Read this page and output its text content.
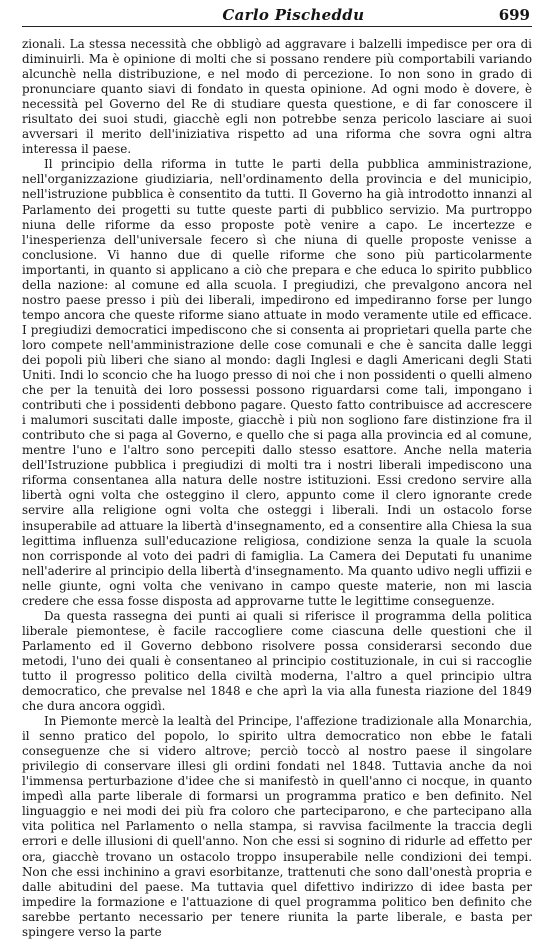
Carlo Pischeddu	699

zionali. La stessa necessità che obbligò ad aggravare i balzelli impedisce per ora di diminuirli. Ma è opinione di molti che si possano rendere più comportabili variando alcunchè nella distribuzione, e nel modo di percezione. Io non sono in grado di pronunciare quanto siavi di fondato in questa opinione. Ad ogni modo è dovere, è necessità pel Governo del Re di studiare questa questione, e di far conoscere il risultato dei suoi studi, giacchè egli non potrebbe senza pericolo lasciare ai suoi avversari il merito dell'iniziativa rispetto ad una riforma che sovra ogni altra interessa il paese.

Il principio della riforma in tutte le parti della pubblica amministrazione, nell'organizzazione giudiziaria, nell'ordinamento della provincia e del municipio, nell'istruzione pubblica è consentito da tutti. Il Governo ha già introdotto innanzi al Parlamento dei progetti su tutte queste parti di pubblico servizio. Ma purtroppo niuna delle riforme da esso proposte potè venire a capo. Le incertezze e l'inesperienza dell'universale fecero sì che niuna di quelle proposte venisse a conclusione. Vi hanno due di quelle riforme che sono più particolarmente importanti, in quanto si applicano a ciò che prepara e che educa lo spirito pubblico della nazione: al comune ed alla scuola. I pregiudizi, che prevalgono ancora nel nostro paese presso i più dei liberali, impedirono ed impediranno forse per lungo tempo ancora che queste riforme siano attuate in modo veramente utile ed efficace. I pregiudizi democratici impediscono che si consenta ai proprietari quella parte che loro compete nell'amministrazione delle cose comunali e che è sancita dalle leggi dei popoli più liberi che siano al mondo: dagli Inglesi e dagli Americani degli Stati Uniti. Indi lo sconcio che ha luogo presso di noi che i non possidenti o quelli almeno che per la tenuità dei loro possessi possono riguardarsi come tali, impongano i contributi che i possidenti debbono pagare. Questo fatto contribuisce ad accrescere i malumori suscitati dalle imposte, giacchè i più non sogliono fare distinzione fra il contributo che si paga al Governo, e quello che si paga alla provincia ed al comune, mentre l'uno e l'altro sono percepiti dallo stesso esattore. Anche nella materia dell'Istruzione pubblica i pregiudizi di molti tra i nostri liberali impediscono una riforma consentanea alla natura delle nostre istituzioni. Essi credono servire alla libertà ogni volta che osteggino il clero, appunto come il clero ignorante crede servire alla religione ogni volta che osteggi i liberali. Indi un ostacolo forse insuperabile ad attuare la libertà d'insegnamento, ed a consentire alla Chiesa la sua legittima influenza sull'educazione religiosa, condizione senza la quale la scuola non corrisponde al voto dei padri di famiglia. La Camera dei Deputati fu unanime nell'aderire al principio della libertà d'insegnamento. Ma quanto udivo negli uffizii e nelle giunte, ogni volta che venivano in campo queste materie, non mi lascia credere che essa fosse disposta ad approvarne tutte le legittime conseguenze.

Da questa rassegna dei punti ai quali si riferisce il programma della politica liberale piemontese, è facile raccogliere come ciascuna delle questioni che il Parlamento ed il Governo debbono risolvere possa considerarsi secondo due metodi, l'uno dei quali è consentaneo al principio costituzionale, in cui si raccoglie tutto il progresso politico della civiltà moderna, l'altro a quel principio ultra democratico, che prevalse nel 1848 e che aprì la via alla funesta riazione del 1849 che dura ancora oggidì.

In Piemonte mercè la lealtà del Principe, l'affezione tradizionale alla Monarchia, il senno pratico del popolo, lo spirito ultra democratico non ebbe le fatali conseguenze che si videro altrove; perciò toccò al nostro paese il singolare privilegio di conservare illesi gli ordini fondati nel 1848. Tuttavia anche da noi l'immensa perturbazione d'idee che si manifestò in quell'anno ci nocque, in quanto impedì alla parte liberale di formarsi un programma pratico e ben definito. Nel linguaggio e nei modi dei più fra coloro che parteciparono, e che partecipano alla vita politica nel Parlamento o nella stampa, si ravvisa facilmente la traccia degli errori e delle illusioni di quell'anno. Non che essi si sognino di ridurle ad effetto per ora, giacchè trovano un ostacolo troppo insuperabile nelle condizioni dei tempi. Non che essi inchinino a gravi esorbitanze, trattenuti che sono dall'onestà propria e dalle abitudini del paese. Ma tuttavia quel difettivo indirizzo di idee basta per impedire la formazione e l'attuazione di quel programma politico ben definito che sarebbe pertanto necessario per tenere riunita la parte liberale, e basta per spingere verso la parte
